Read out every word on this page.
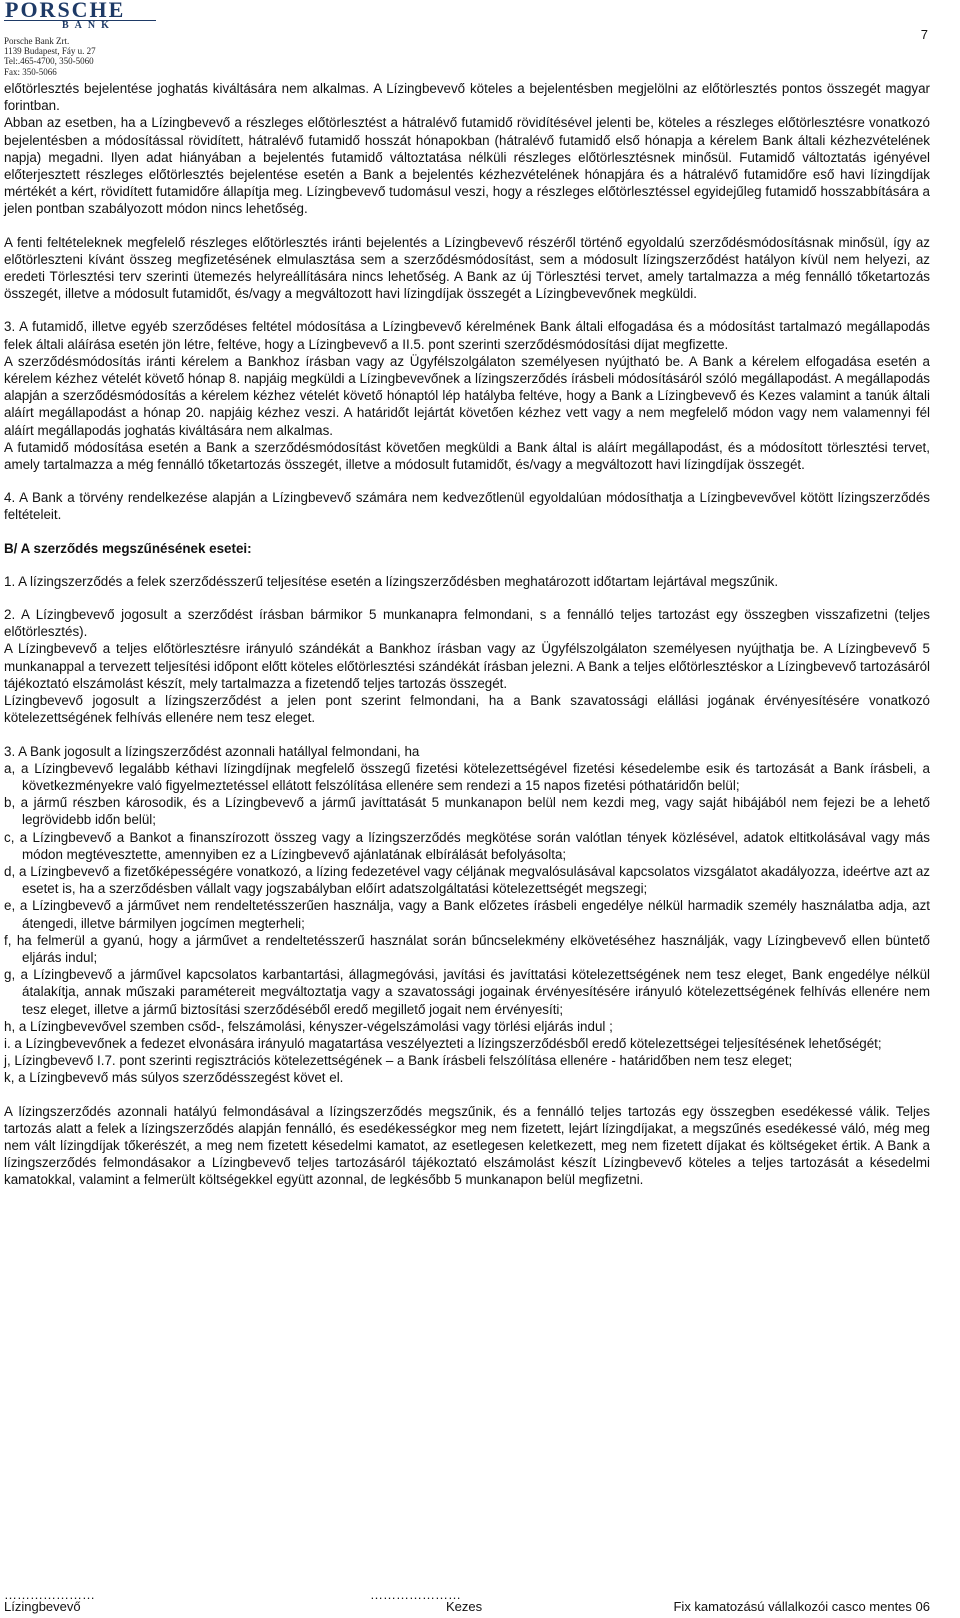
PORSCHE
BANK
Porsche Bank Zrt.
1139 Budapest, Fáy u. 27
Tel:.465-4700, 350-5060
Fax: 350-5066
7

előtörlesztés bejelentése joghatás kiváltására nem alkalmas. A Lízingbevevő köteles a bejelentésben megjelölni az előtörlesztés pontos összegét magyar forintban.

Abban az esetben, ha a Lízingbevevő a részleges előtörlesztést a hátralévő futamidő rövidítésével jelenti be, köteles a részleges előtörlesztésre vonatkozó bejelentésben a módosítással rövidített, hátralévő futamidő hosszát hónapokban (hátralévő futamidő első hónapja a kérelem Bank általi kézhezvételének napja) megadni. Ilyen adat hiányában a bejelentés futamidő változtatása nélküli részleges előtörlesztésnek minősül. Futamidő változtatás igényével előterjesztett részleges előtörlesztés bejelentése esetén a Bank a bejelentés kézhezvételének hónapjára és a hátralévő futamidőre eső havi lízingdíjak mértékét a kért, rövidített futamidőre állapítja meg. Lízingbevevő tudomásul veszi, hogy a részleges előtörlesztéssel egyidejűleg futamidő hosszabbítására a jelen pontban szabályozott módon nincs lehetőség.

A fenti feltételeknek megfelelő részleges előtörlesztés iránti bejelentés a Lízingbevevő részéről történő egyoldalú szerződésmódosításnak minősül, így az előtörleszteni kívánt összeg megfizetésének elmulasztása sem a szerződésmódosítást, sem a módosult lízingszerződést hatályon kívül nem helyezi, az eredeti Törlesztési terv szerinti ütemezés helyreállítására nincs lehetőség. A Bank az új Törlesztési tervet, amely tartalmazza a még fennálló tőketartozás összegét, illetve a módosult futamidőt, és/vagy a megváltozott havi lízingdíjak összegét a Lízingbevevőnek megküldi.

3. A futamidő, illetve egyéb szerződéses feltétel módosítása a Lízingbevevő kérelmének Bank általi elfogadása és a módosítást tartalmazó megállapodás felek általi aláírása esetén jön létre, feltéve, hogy a Lízingbevevő a II.5. pont szerinti szerződésmódosítási díjat megfizette.

A szerződésmódosítás iránti kérelem a Bankhoz írásban vagy az Ügyfélszolgálaton személyesen nyújtható be. A Bank a kérelem elfogadása esetén a kérelem kézhez vételét követő hónap 8. napjáig megküldi a Lízingbevevőnek a lízingszerződés írásbeli módosításáról szóló megállapodást. A megállapodás alapján a szerződésmódosítás a kérelem kézhez vételét követő hónaptól lép hatályba feltéve, hogy a Bank a Lízingbevevő és Kezes valamint a tanúk általi aláírt megállapodást a hónap 20. napjáig kézhez veszi. A határidőt lejártát követően kézhez vett vagy a nem megfelelő módon vagy nem valamennyi fél aláírt megállapodás joghatás kiváltására nem alkalmas.

A futamidő módosítása esetén a Bank a szerződésmódosítást követően megküldi a Bank által is aláírt megállapodást, és a módosított törlesztési tervet, amely tartalmazza a még fennálló tőketartozás összegét, illetve a módosult futamidőt, és/vagy a megváltozott havi lízingdíjak összegét.

4. A Bank a törvény rendelkezése alapján a Lízingbevevő számára nem kedvezőtlenül egyoldalúan módosíthatja a Lízingbevevővel kötött lízingszerződés feltételeit.

B/ A szerződés megszűnésének esetei:

1. A lízingszerződés a felek szerződésszerű teljesítése esetén a lízingszerződésben meghatározott időtartam lejártával megszűnik.

2. A Lízingbevevő jogosult a szerződést írásban bármikor 5 munkanapra felmondani, s a fennálló teljes tartozást egy összegben visszafizetni (teljes előtörlesztés).

A Lízingbevevő a teljes előtörlesztésre irányuló szándékát a Bankhoz írásban vagy az Ügyfélszolgálaton személyesen nyújthatja be. A Lízingbevevő 5 munkanappal a tervezett teljesítési időpont előtt köteles előtörlesztési szándékát írásban jelezni. A Bank a teljes előtörlesztéskor a Lízingbevevő tartozásáról tájékoztató elszámolást készít, mely tartalmazza a fizetendő teljes tartozás összegét.

Lízingbevevő jogosult a lízingszerződést a jelen pont szerint felmondani, ha a Bank szavatossági elállási jogának érvényesítésére vonatkozó kötelezettségének felhívás ellenére nem tesz eleget.

3. A Bank jogosult a lízingszerződést azonnali hatállyal felmondani, ha

a, a Lízingbevevő legalább kéthavi lízingdíjnak megfelelő összegű fizetési kötelezettségével fizetési késedelembe esik és tartozását a Bank írásbeli, a következményekre való figyelmeztetéssel ellátott felszólítása ellenére sem rendezi a 15 napos fizetési póthatáridőn belül;

b, a jármű részben károsodik, és a Lízingbevevő a jármű javíttatását 5 munkanapon belül nem kezdi meg, vagy saját hibájából nem fejezi be a lehető legrövidebb időn belül;

c, a Lízingbevevő a Bankot a finanszírozott összeg vagy a lízingszerződés megkötése során valótlan tények közlésével, adatok eltitkolásával vagy más módon megtévesztette, amennyiben ez a Lízingbevevő ajánlatának elbírálását befolyásolta;

d, a Lízingbevevő a fizetőképességére vonatkozó, a lízing fedezetével vagy céljának megvalósulásával kapcsolatos vizsgálatot akadályozza, ideértve azt az esetet is, ha a szerződésben vállalt vagy jogszabályban előírt adatszolgáltatási kötelezettségét megszegi;

e, a Lízingbevevő a járművet nem rendeltetésszerűen használja, vagy a Bank előzetes írásbeli engedélye nélkül harmadik személy használatba adja, azt átengedi, illetve bármilyen jogcímen megterheli;

f, ha felmerül a gyanú, hogy a járművet a rendeltetésszerű használat során bűncselekmény elkövetéséhez használják, vagy Lízingbevevő ellen büntető eljárás indul;

g, a Lízingbevevő a járművel kapcsolatos karbantartási, állagmegóvási, javítási és javíttatási kötelezettségének nem tesz eleget, Bank engedélye nélkül átalakítja, annak műszaki paramétereit megváltoztatja vagy a szavatossági jogainak érvényesítésére irányuló kötelezettségének felhívás ellenére nem tesz eleget, illetve a jármű biztosítási szerződéséből eredő megillető jogait nem érvényesíti;

h, a Lízingbevevővel szemben csőd-, felszámolási, kényszer-végelszámolási vagy törlési eljárás indul ;

i. a Lízingbevevőnek a fedezet elvonására irányuló magatartása veszélyezteti a lízingszerződésből eredő kötelezettségei teljesítésének lehetőségét;

j, Lízingbevevő I.7. pont szerinti regisztrációs kötelezettségének – a Bank írásbeli felszólítása ellenére - határidőben nem tesz eleget;

k, a Lízingbevevő más súlyos szerződésszegést követ el.

A lízingszerződés azonnali hatályú felmondásával a lízingszerződés megszűnik, és a fennálló teljes tartozás egy összegben esedékessé válik. Teljes tartozás alatt a felek a lízingszerződés alapján fennálló, és esedékességkor meg nem fizetett, lejárt lízingdíjakat, a megszűnés esedékessé váló, még meg nem vált lízingdíjak tőkerészét, a meg nem fizetett késedelmi kamatot, az esetlegesen keletkezett, meg nem fizetett díjakat és költségeket értik. A Bank a lízingszerződés felmondásakor a Lízingbevevő teljes tartozásáról tájékoztató elszámolást készít Lízingbevevő köteles a teljes tartozását a késedelmi kamatokkal, valamint a felmerült költségekkel együtt azonnal, de legkésőbb 5 munkanapon belül megfizetni.

…………………	…………………
Lízingbevevő	Kezes	Fix kamatozású vállalkozói casco mentes 06
